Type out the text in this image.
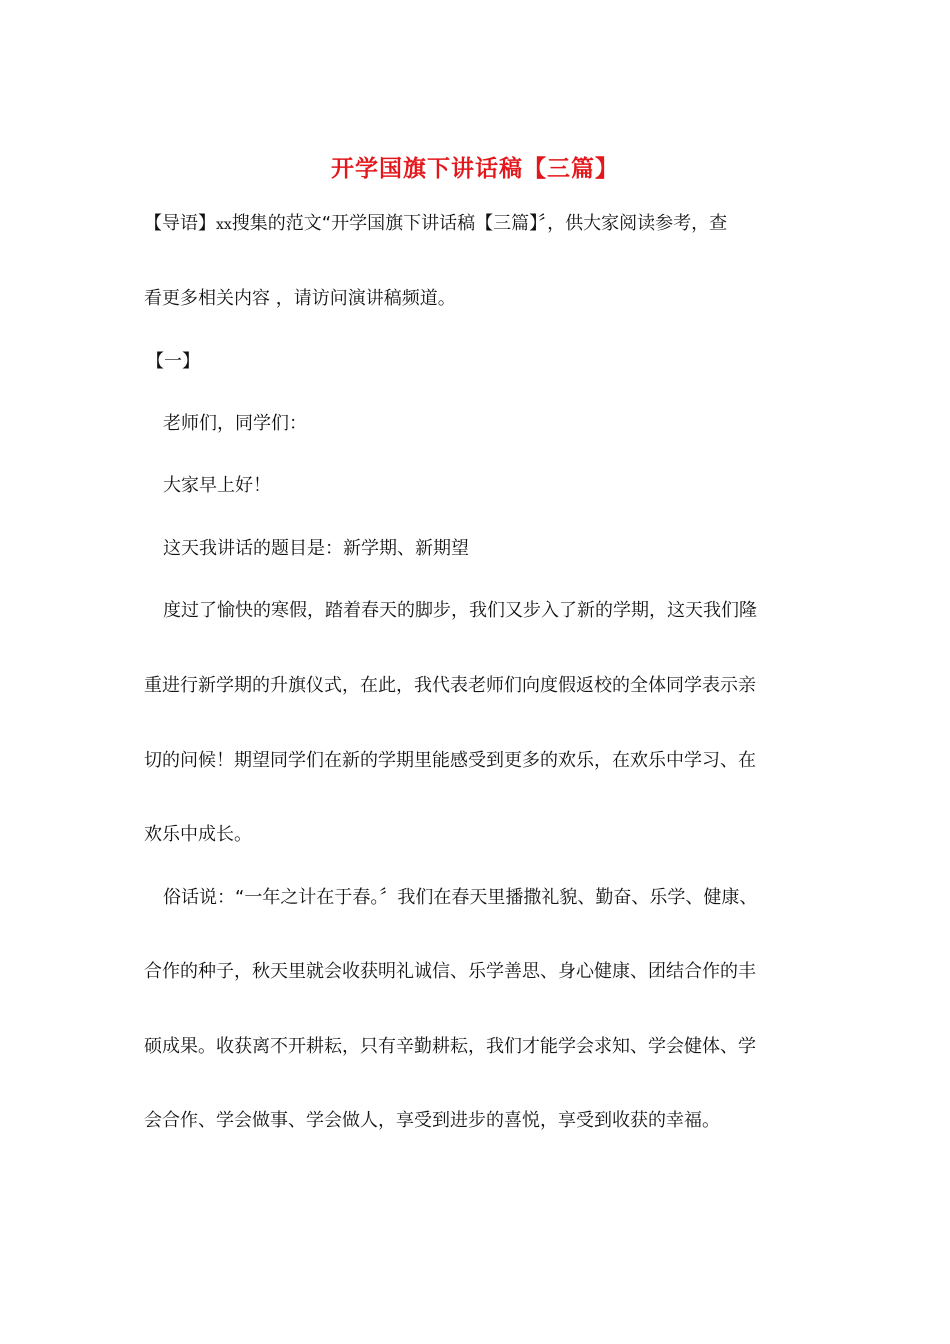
开学国旗下讲话稿【三篇】

【导语】xx搜集的范文“开学国旗下讲话稿【三篇】〞，供大家阅读参考，查

看更多相关内容 ，请访问演讲稿频道。

【一】

老师们，同学们：

大家早上好！

这天我讲话的题目是：新学期、新期望

度过了愉快的寒假，踏着春天的脚步，我们又步入了新的学期，这天我们隆

重进行新学期的升旗仪式，在此，我代表老师们向度假返校的全体同学表示亲

切的问候！期望同学们在新的学期里能感受到更多的欢乐，在欢乐中学习、在

欢乐中成长。

俗话说：“一年之计在于春。〞我们在春天里播撒礼貌、勤奋、乐学、健康、

合作的种子，秋天里就会收获明礼诚信、乐学善思、身心健康、团结合作的丰

硕成果。收获离不开耕耘，只有辛勤耕耘，我们才能学会求知、学会健体、学

会合作、学会做事、学会做人，享受到进步的喜悦，享受到收获的幸福。
